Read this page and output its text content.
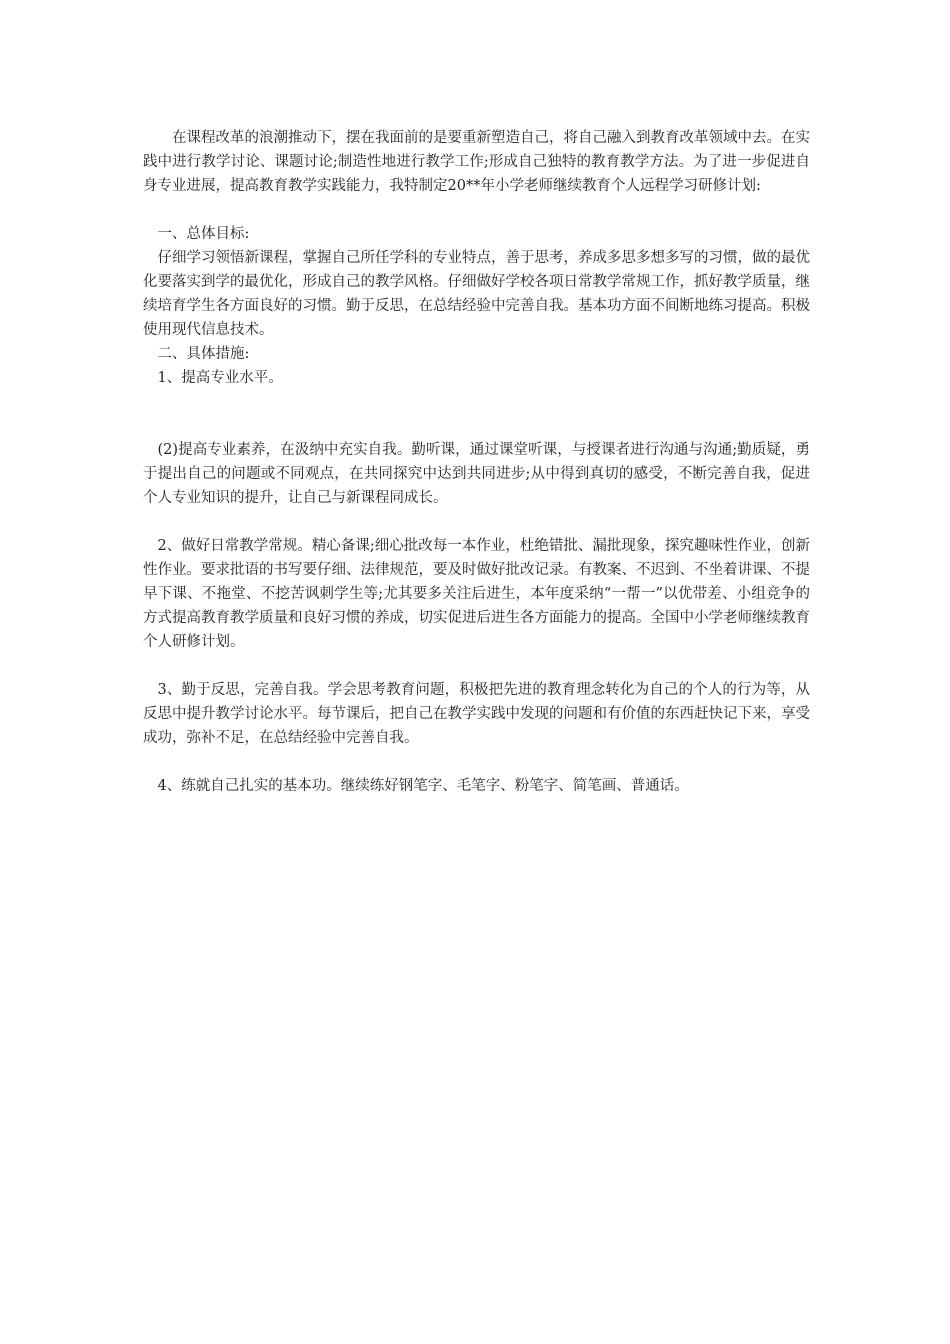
在课程改革的浪潮推动下，摆在我面前的是要重新塑造自己，将自己融入到教育改革领域中去。在实践中进行教学讨论、课题讨论;制造性地进行教学工作;形成自己独特的教育教学方法。为了进一步促进自身专业进展，提高教育教学实践能力，我特制定20**年小学老师继续教育个人远程学习研修计划:

一、总体目标:

仔细学习领悟新课程，掌握自己所任学科的专业特点，善于思考，养成多思多想多写的习惯，做的最优化要落实到学的最优化，形成自己的教学风格。仔细做好学校各项日常教学常规工作，抓好教学质量，继续培育学生各方面良好的习惯。勤于反思，在总结经验中完善自我。基本功方面不间断地练习提高。积极使用现代信息技术。

二、具体措施:

1、提高专业水平。

(2)提高专业素养，在汲纳中充实自我。勤听课，通过课堂听课，与授课者进行沟通与沟通;勤质疑，勇于提出自己的问题或不同观点，在共同探究中达到共同进步;从中得到真切的感受，不断完善自我，促进个人专业知识的提升，让自己与新课程同成长。

2、做好日常教学常规。精心备课;细心批改每一本作业，杜绝错批、漏批现象，探究趣味性作业，创新性作业。要求批语的书写要仔细、法律规范，要及时做好批改记录。有教案、不迟到、不坐着讲课、不提早下课、不拖堂、不挖苦讽刺学生等;尤其要多关注后进生，本年度采纳“一帮一”以优带差、小组竞争的方式提高教育教学质量和良好习惯的养成，切实促进后进生各方面能力的提高。全国中小学老师继续教育个人研修计划。

3、勤于反思，完善自我。学会思考教育问题，积极把先进的教育理念转化为自己的个人的行为等，从反思中提升教学讨论水平。每节课后，把自己在教学实践中发现的问题和有价值的东西赶快记下来，享受成功，弥补不足，在总结经验中完善自我。

4、练就自己扎实的基本功。继续练好钢笔字、毛笔字、粉笔字、简笔画、普通话。
